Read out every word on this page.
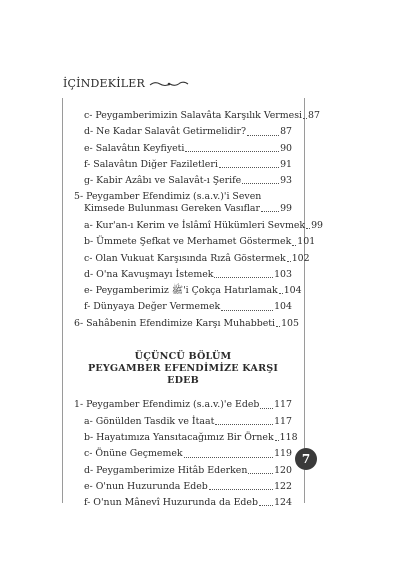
İÇİNDEKİLER
c- Peygamberimizin Salavâta Karşılık Vermesi 87
d- Ne Kadar Salavât Getirmelidir?	87
e- Salavâtın Keyfiyeti	90
f- Salavâtın Diğer Faziletleri	91
g- Kabir Azâbı ve Salavât-ı Şerife	93
5- Peygamber Efendimiz (s.a.v.)'i Seven
Kimsede Bulunması Gereken Vasıflar 99
a- Kur'an-ı Kerim ve İslâmî Hükümleri Sevmek 99
b- Ümmete Şefkat ve Merhamet Göstermek 101
c- Olan Vukuat Karşısında Rızâ Göstermek 102
d- O'na Kavuşmayı İstemek	103
e- Peygamberimiz ﷺ'i Çokça Hatırlamak 104
f- Dünyaya Değer Vermemek	104
6- Sahâbenin Efendimize Karşı Muhabbeti 105
ÜÇÜNCÜ BÖLÜM
PEYGAMBER EFENDİMİZE KARŞI EDEB
1- Peygamber Efendimiz (s.a.v.)'e Edeb 117
a- Gönülden Tasdik ve İtaat	117
b- Hayatımıza Yansıtacağımız Bir Örnek 118
c- Önüne Geçmemek	119
d- Peygamberimize Hitâb Ederken	120
e- O'nun Huzurunda Edeb	122
f- O'nun Mânevî Huzurunda da Edeb 124
7
